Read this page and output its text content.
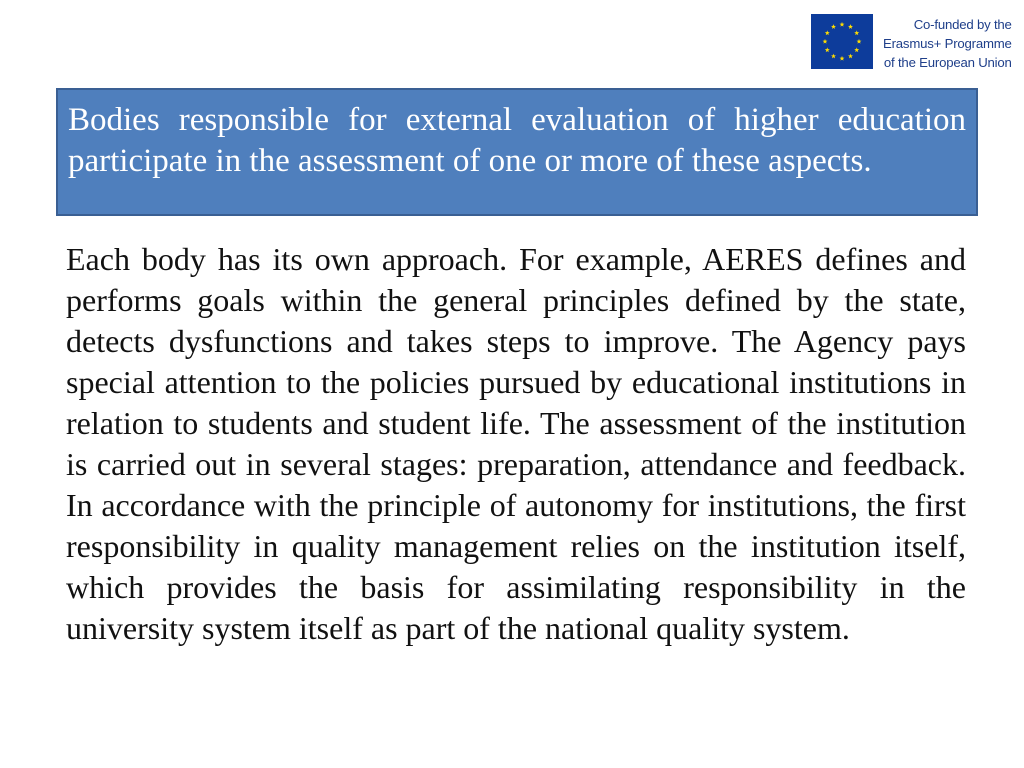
Co-funded by the
Erasmus+ Programme
of the European Union
Bodies responsible for external evaluation of higher education participate in the assessment of one or more of these aspects.
Each body has its own approach. For example, AERES defines and performs goals within the general principles defined by the state, detects dysfunctions and takes steps to improve. The Agency pays special attention to the policies pursued by educational institutions in relation to students and student life. The assessment of the institution is carried out in several stages: preparation, attendance and feedback. In accordance with the principle of autonomy for institutions, the first responsibility in quality management relies on the institution itself, which provides the basis for assimilating responsibility in the university system itself as part of the national quality system.
